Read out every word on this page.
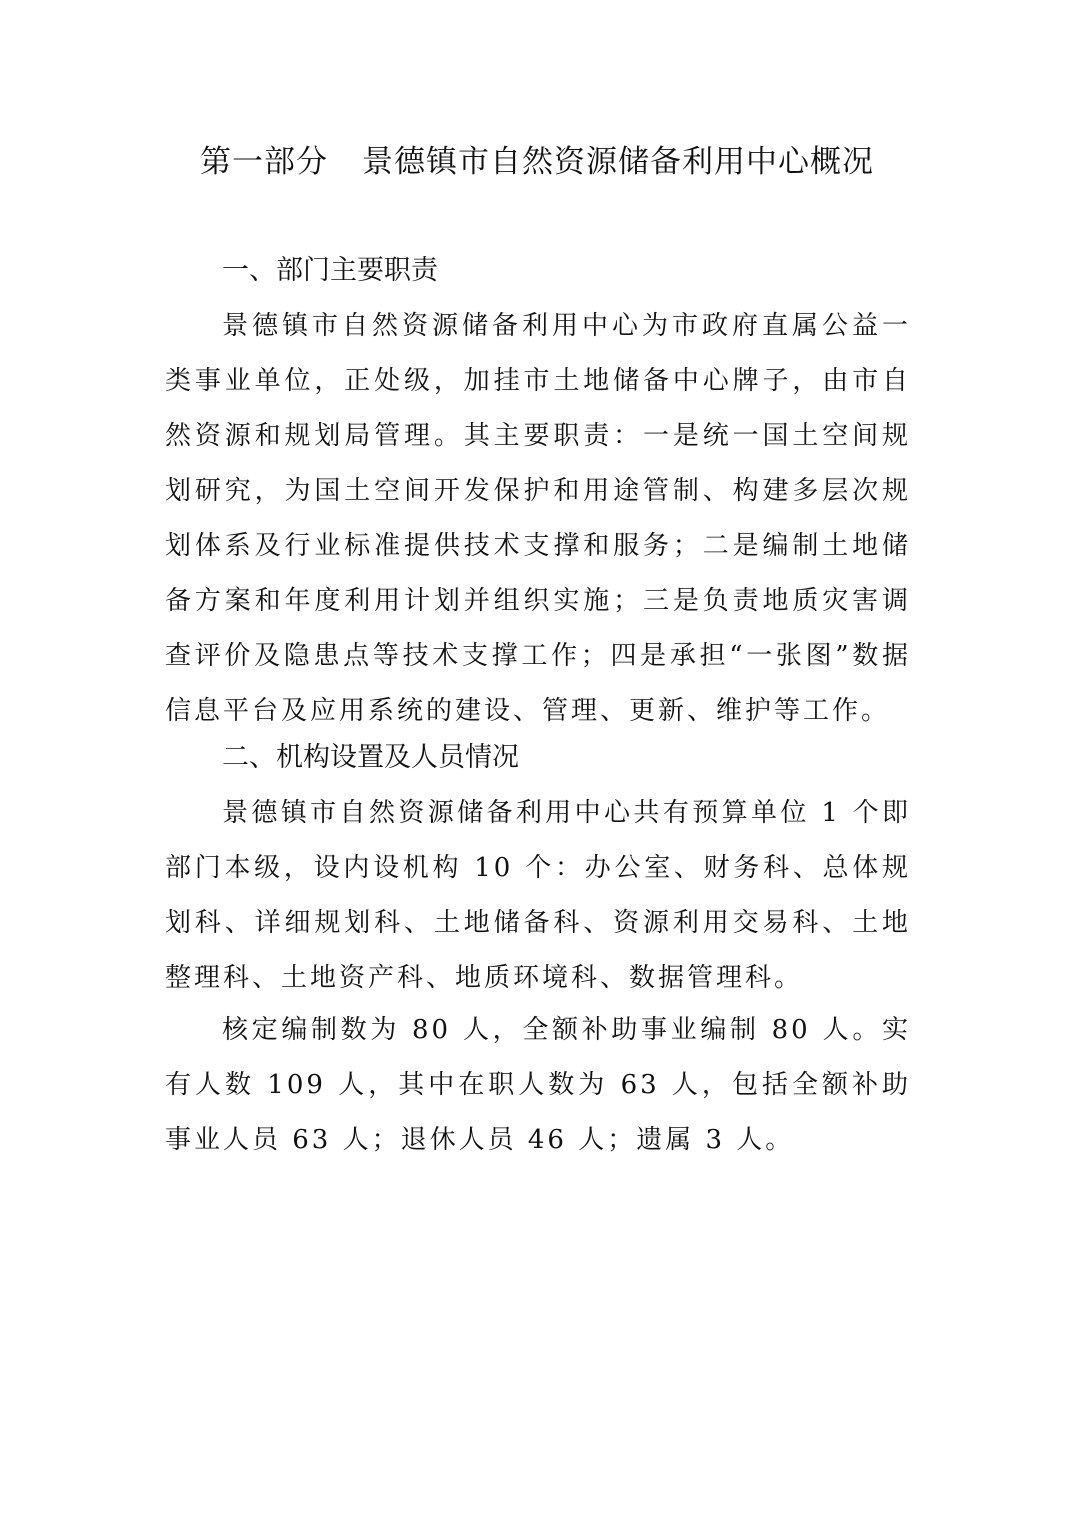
第一部分 景德镇市自然资源储备利用中心概况
一、部门主要职责

景德镇市自然资源储备利用中心为市政府直属公益一类事业单位，正处级，加挂市土地储备中心牌子，由市自然资源和规划局管理。其主要职责：一是统一国土空间规划研究，为国土空间开发保护和用途管制、构建多层次规划体系及行业标准提供技术支撑和服务；二是编制土地储备方案和年度利用计划并组织实施；三是负责地质灾害调查评价及隐患点等技术支撑工作；四是承担“一张图”数据信息平台及应用系统的建设、管理、更新、维护等工作。

二、机构设置及人员情况

景德镇市自然资源储备利用中心共有预算单位 1 个即部门本级，设内设机构 10 个：办公室、财务科、总体规划科、详细规划科、土地储备科、资源利用交易科、土地整理科、土地资产科、地质环境科、数据管理科。

核定编制数为 80 人，全额补助事业编制 80 人。实有人数 109 人，其中在职人数为 63 人，包括全额补助事业人员 63 人；退休人员 46 人；遗属 3 人。
